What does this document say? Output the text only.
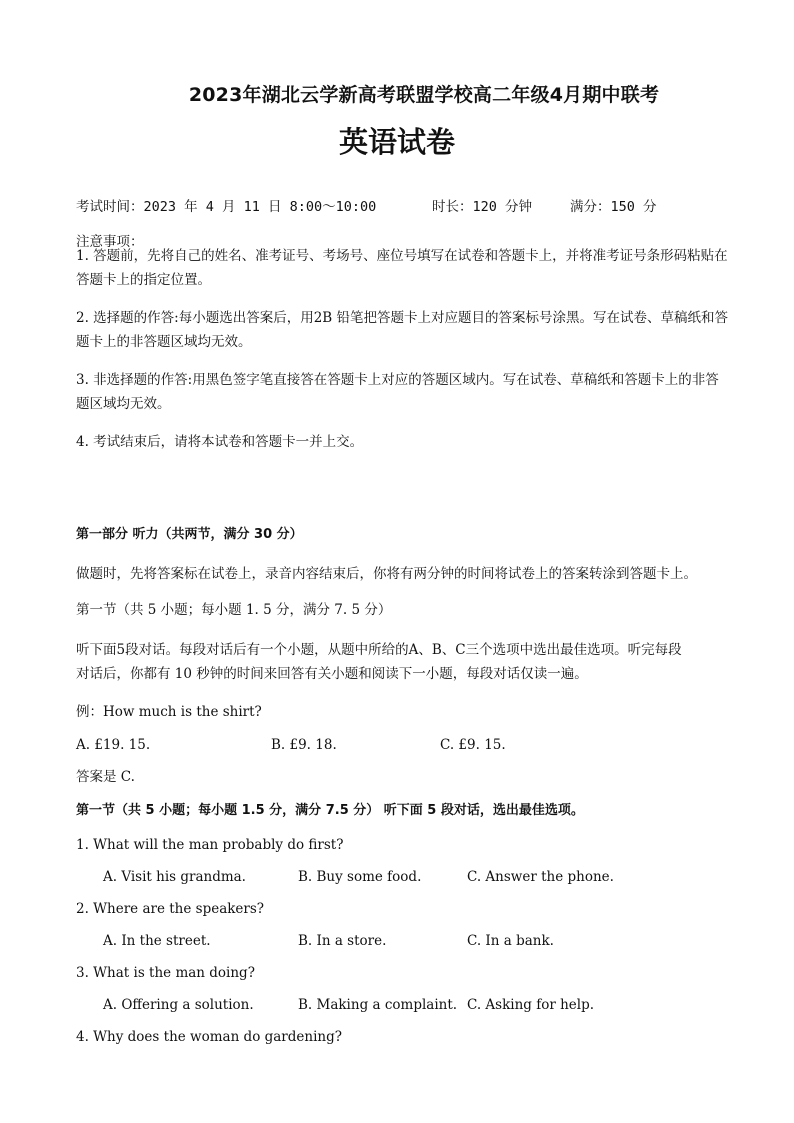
2023年湖北云学新高考联盟学校高二年级4月期中联考
英语试卷
考试时间：2023 年 4 月 11 日 8:00～10:00	时长：120 分钟	满分：150 分
注意事项：
1. 答题前，先将自己的姓名、准考证号、考场号、座位号填写在试卷和答题卡上，并将准考证号条形码粘贴在答题卡上的指定位置。
2. 选择题的作答:每小题选出答案后，用2B 铅笔把答题卡上对应题目的答案标号涂黑。写在试卷、草稿纸和答题卡上的非答题区域均无效。
3. 非选择题的作答:用黑色签字笔直接答在答题卡上对应的答题区域内。写在试卷、草稿纸和答题卡上的非答题区域均无效。
4. 考试结束后，请将本试卷和答题卡一并上交。
第一部分 听力（共两节，满分 30 分）
做题时，先将答案标在试卷上，录音内容结束后，你将有两分钟的时间将试卷上的答案转涂到答题卡上。
第一节（共 5 小题；每小题 1. 5 分，满分 7. 5 分）
听下面5段对话。每段对话后有一个小题，从题中所给的A、B、C三个选项中选出最佳选项。听完每段
对话后，你都有 10 秒钟的时间来回答有关小题和阅读下一小题，每段对话仅读一遍。
例：How much is the shirt?
A. £19. 15.	B. £9. 18.	C. £9. 15.
答案是 C.
第一节（共 5 小题；每小题 1.5 分，满分 7.5 分） 听下面 5 段对话，选出最佳选项。
1. What will the man probably do first?
A. Visit his grandma.	B. Buy some food.	C. Answer the phone.
2. Where are the speakers?
A. In the street.	B. In a store.	C. In a bank.
3. What is the man doing?
A. Offering a solution.	B. Making a complaint. C. Asking for help.
4. Why does the woman do gardening?
